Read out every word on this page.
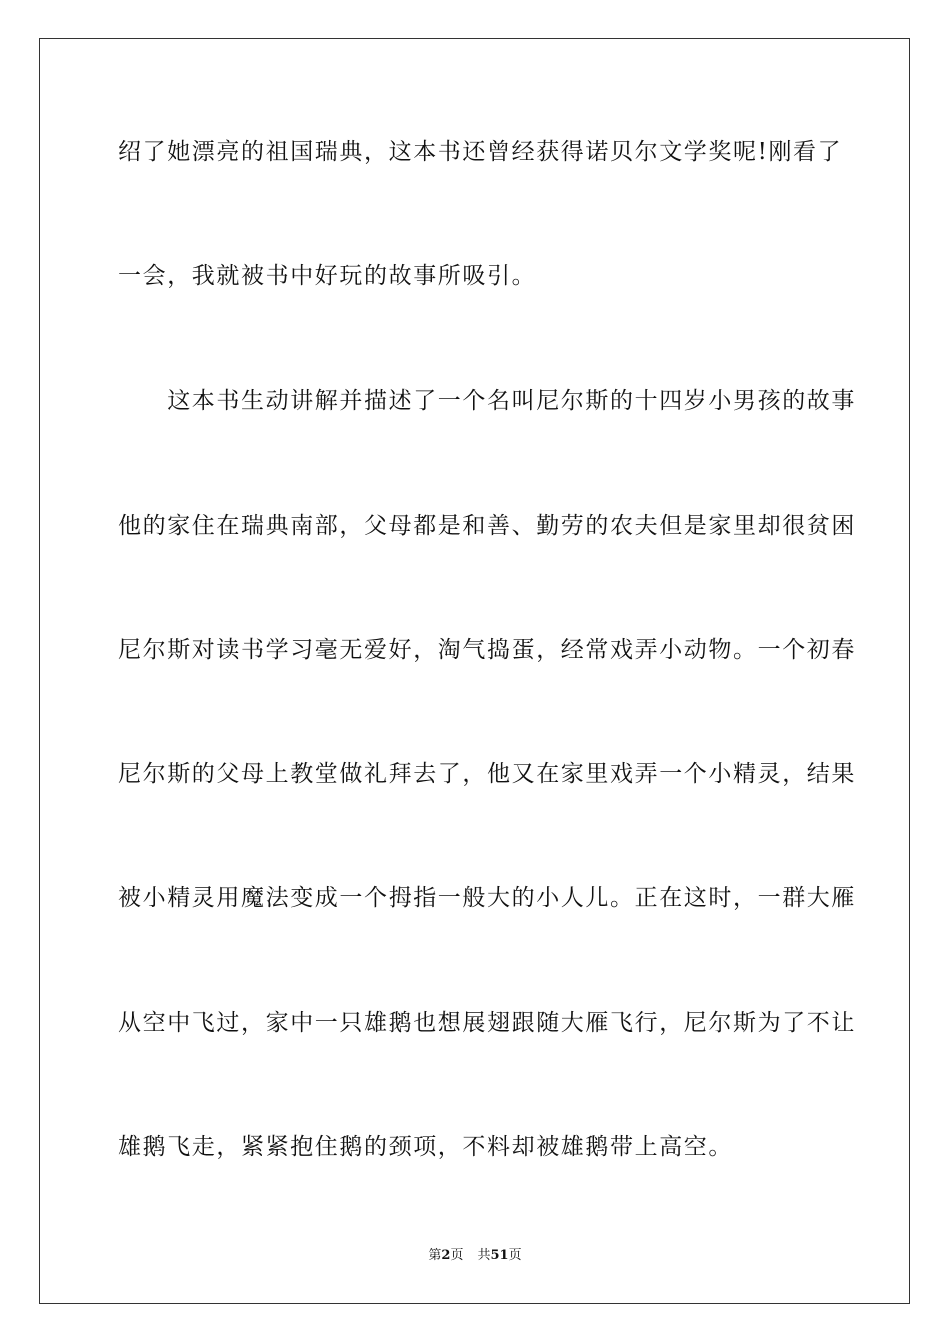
绍了她漂亮的祖国瑞典，这本书还曾经获得诺贝尔文学奖呢!刚看了
一会，我就被书中好玩的故事所吸引。
　　这本书生动讲解并描述了一个名叫尼尔斯的十四岁小男孩的故事
他的家住在瑞典南部，父母都是和善、勤劳的农夫但是家里却很贫困
尼尔斯对读书学习毫无爱好，淘气捣蛋，经常戏弄小动物。一个初春
尼尔斯的父母上教堂做礼拜去了，他又在家里戏弄一个小精灵，结果
被小精灵用魔法变成一个拇指一般大的小人儿。正在这时，一群大雁
从空中飞过，家中一只雄鹅也想展翅跟随大雁飞行，尼尔斯为了不让
雄鹅飞走，紧紧抱住鹅的颈项，不料却被雄鹅带上高空。
第2页 共51页
